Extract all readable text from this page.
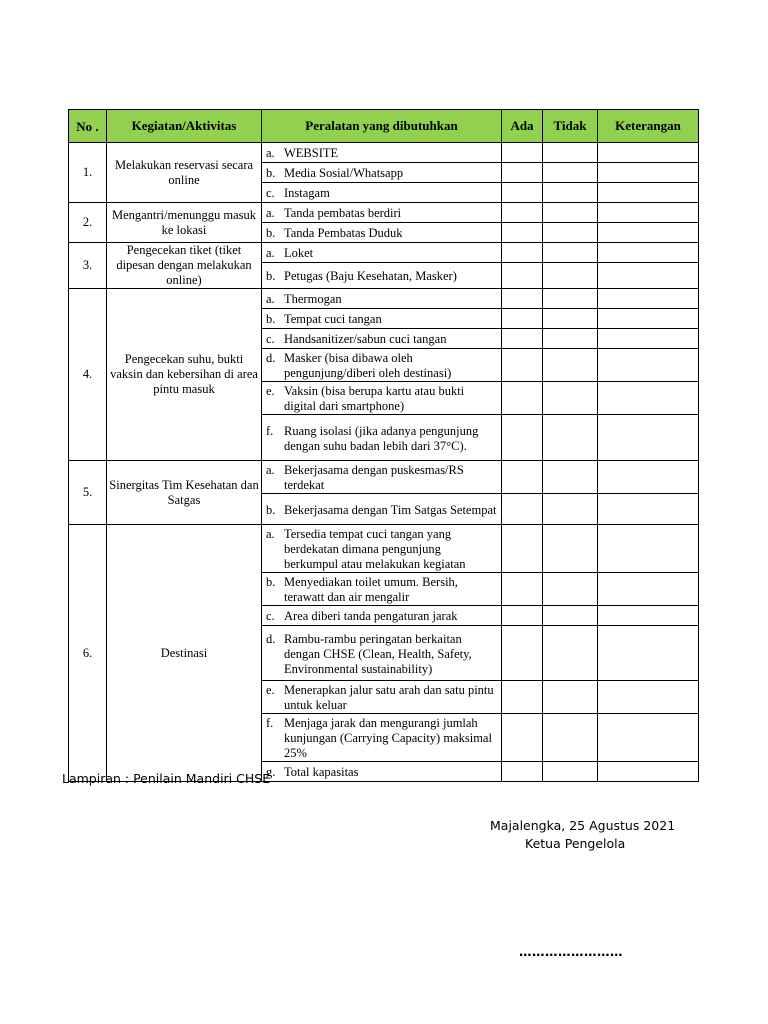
No .	Kegiatan/Aktivitas	Peralatan yang dibutuhkan	Ada	Tidak	Keterangan
1.	Melakukan reservasi secara online	a. WEBSITE			

		b. Media Sosial/Whatsapp			

		c. Instagam			

2.	Mengantri/menunggu masuk ke lokasi	a. Tanda pembatas berdiri			

		b. Tanda Pembatas Duduk			

3.	Pengecekan tiket (tiket dipesan dengan melakukan online)	a. Loket			

		b. Petugas (Baju Kesehatan, Masker)			

4.	Pengecekan suhu, bukti vaksin dan kebersihan di area pintu masuk	a. Thermogan			

		b. Tempat cuci tangan			

		c. Handsanitizer/sabun cuci tangan			

		d. Masker (bisa dibawa oleh pengunjung/diberi oleh destinasi)			

		e. Vaksin (bisa berupa kartu atau bukti digital dari smartphone)			

		f. Ruang isolasi (jika adanya pengunjung dengan suhu badan lebih dari 37°C).			

5.	Sinergitas Tim Kesehatan dan Satgas	a. Bekerjasama dengan puskesmas/RS terdekat			

		b. Bekerjasama dengan Tim Satgas Setempat			

6.	Destinasi	a. Tersedia tempat cuci tangan yang berdekatan dimana pengunjung berkumpul atau melakukan kegiatan			

		b. Menyediakan toilet umum. Bersih, terawatt dan air mengalir			

		c. Area diberi tanda pengaturan jarak			

		d. Rambu-rambu peringatan berkaitan dengan CHSE (Clean, Health, Safety, Environmental sustainability)			

		e. Menerapkan jalur satu arah dan satu pintu untuk keluar			

		f. Menjaga jarak dan mengurangi jumlah kunjungan (Carrying Capacity) maksimal 25%			

		g. Total kapasitas			

Lampiran : Penilain Mandiri CHSE
Majalengka, 25 Agustus 2021
Ketua Pengelola
……………………
